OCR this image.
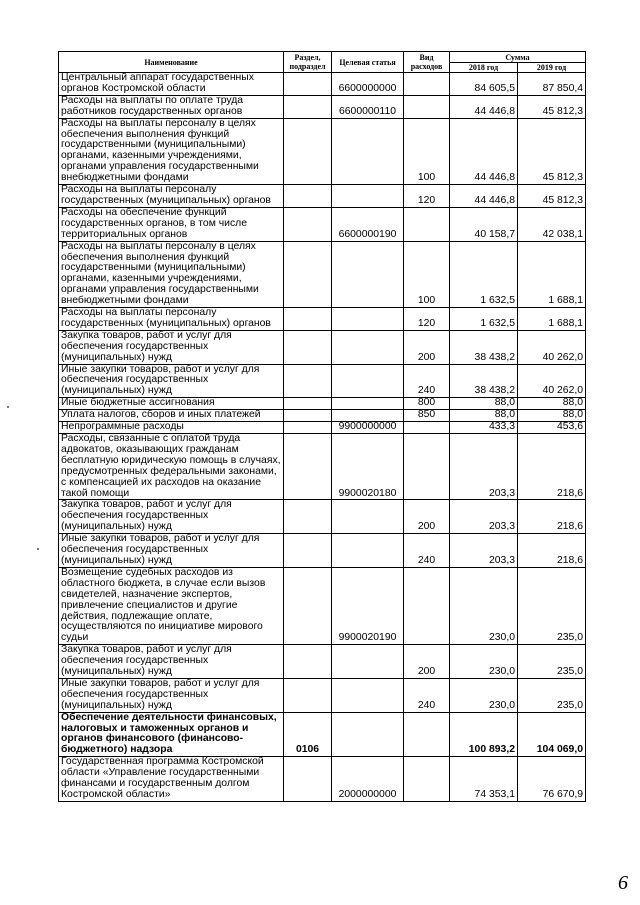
Наименование	Раздел, подраздел	Целевая статья	Вид расходов	Сумма	
				2018 год	2019 год
Центральный аппарат государственных органов Костромской области		6600000000		84 605,5	87 850,4
Расходы на выплаты по оплате труда работников государственных органов		6600000110		44 446,8	45 812,3
Расходы на выплаты персоналу в целях обеспечения выполнения функций государственными (муниципальными) органами, казенными учреждениями, органами управления государственными внебюджетными фондами			100	44 446,8	45 812,3
Расходы на выплаты персоналу государственных (муниципальных) органов			120	44 446,8	45 812,3
Расходы на обеспечение функций государственных органов, в том числе территориальных органов		6600000190		40 158,7	42 038,1
Расходы на выплаты персоналу в целях обеспечения выполнения функций государственными (муниципальными) органами, казенными учреждениями, органами управления государственными внебюджетными фондами			100	1 632,5	1 688,1
Расходы на выплаты персоналу государственных (муниципальных) органов			120	1 632,5	1 688,1
Закупка товаров, работ и услуг для обеспечения государственных (муниципальных) нужд			200	38 438,2	40 262,0
Иные закупки товаров, работ и услуг для обеспечения государственных (муниципальных) нужд			240	38 438,2	40 262,0
Иные бюджетные ассигнования			800	88,0	88,0
Уплата налогов, сборов и иных платежей			850	88,0	88,0
Непрограммные расходы		9900000000		433,3	453,6
Расходы, связанные с оплатой труда адвокатов, оказывающих гражданам бесплатную юридическую помощь в случаях, предусмотренных федеральными законами, с компенсацией их расходов на оказание такой помощи		9900020180		203,3	218,6
Закупка товаров, работ и услуг для обеспечения государственных (муниципальных) нужд			200	203,3	218,6
Иные закупки товаров, работ и услуг для обеспечения государственных (муниципальных) нужд			240	203,3	218,6
Возмещение судебных расходов из областного бюджета, в случае если вызов свидетелей, назначение экспертов, привлечение специалистов и другие действия, подлежащие оплате, осуществляются по инициативе мирового судьи		9900020190		230,0	235,0
Закупка товаров, работ и услуг для обеспечения государственных (муниципальных) нужд			200	230,0	235,0
Иные закупки товаров, работ и услуг для обеспечения государственных (муниципальных) нужд			240	230,0	235,0
Обеспечение деятельности финансовых, налоговых и таможенных органов и органов финансового (финансово-бюджетного) надзора	0106			100 893,2	104 069,0
Государственная программа Костромской области «Управление государственными финансами и государственным долгом Костромской области»		2000000000		74 353,1	76 670,9
6
